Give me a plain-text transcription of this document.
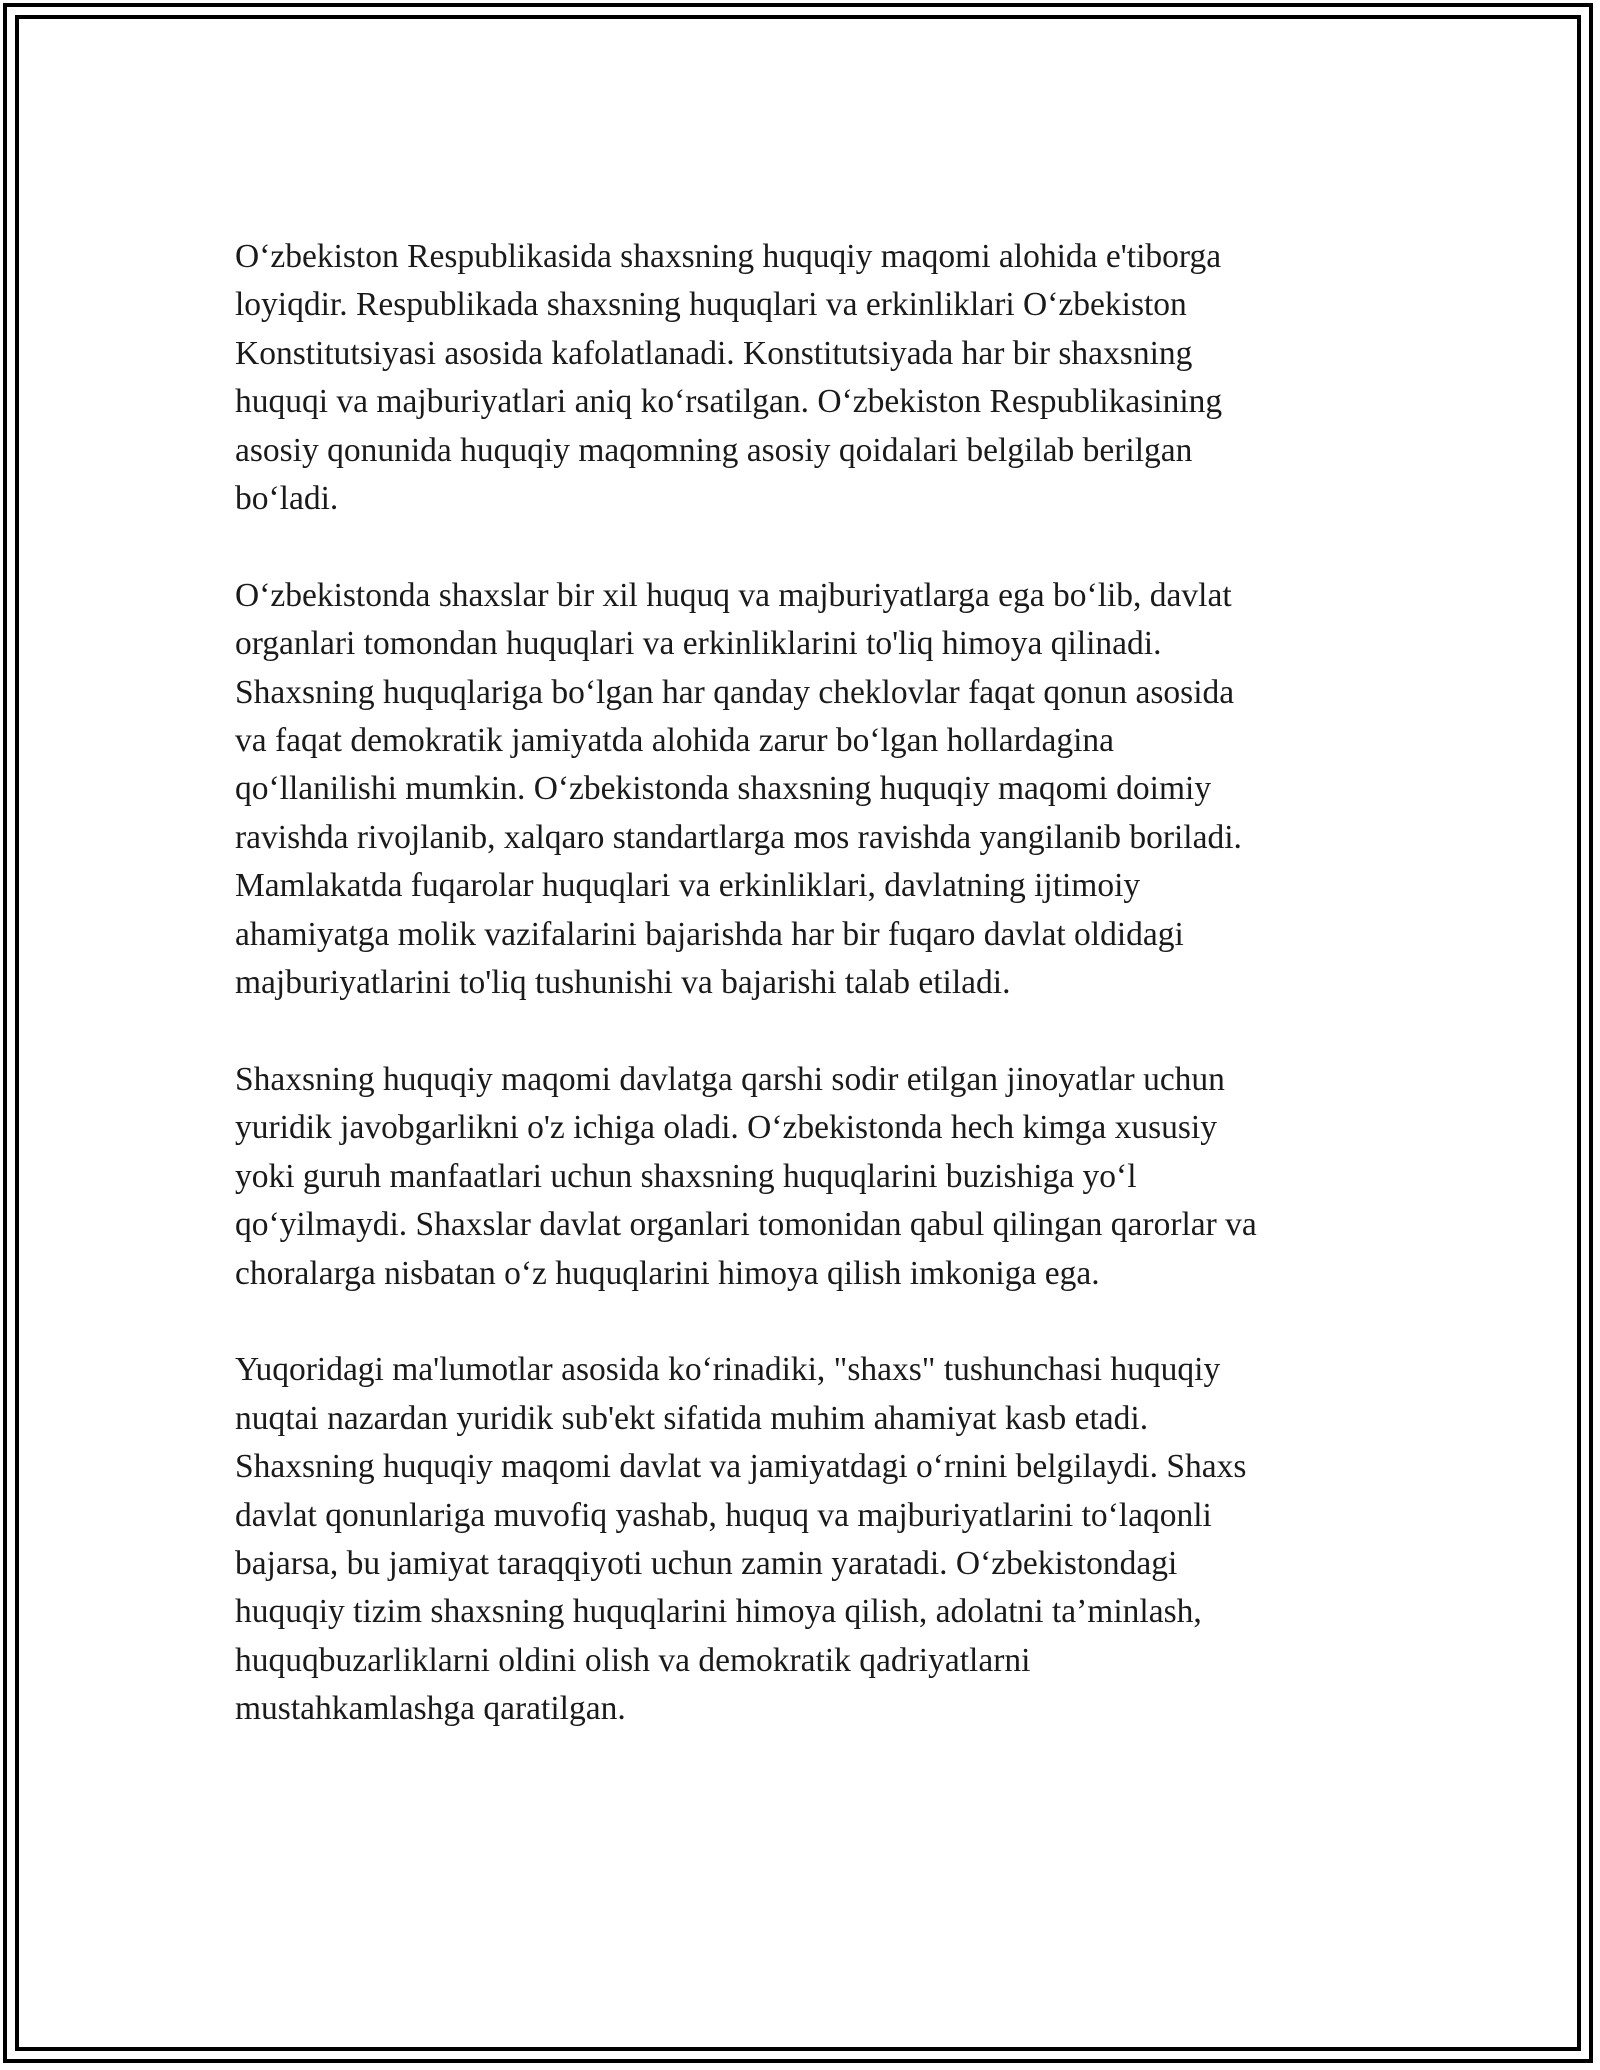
O‘zbekiston Respublikasida shaxsning huquqiy maqomi alohida e'tiborga
loyiqdir. Respublikada shaxsning huquqlari va erkinliklari O‘zbekiston
Konstitutsiyasi asosida kafolatlanadi. Konstitutsiyada har bir shaxsning
huquqi va majburiyatlari aniq ko‘rsatilgan. O‘zbekiston Respublikasining
asosiy qonunida huquqiy maqomning asosiy qoidalari belgilab berilgan
bo‘ladi.

O‘zbekistonda shaxslar bir xil huquq va majburiyatlarga ega bo‘lib, davlat
organlari tomondan huquqlari va erkinliklarini to'liq himoya qilinadi.
Shaxsning huquqlariga bo‘lgan har qanday cheklovlar faqat qonun asosida
va faqat demokratik jamiyatda alohida zarur bo‘lgan hollardagina
qo‘llanilishi mumkin. O‘zbekistonda shaxsning huquqiy maqomi doimiy
ravishda rivojlanib, xalqaro standartlarga mos ravishda yangilanib boriladi.
Mamlakatda fuqarolar huquqlari va erkinliklari, davlatning ijtimoiy
ahamiyatga molik vazifalarini bajarishda har bir fuqaro davlat oldidagi
majburiyatlarini to'liq tushunishi va bajarishi talab etiladi.

Shaxsning huquqiy maqomi davlatga qarshi sodir etilgan jinoyatlar uchun
yuridik javobgarlikni o'z ichiga oladi. O‘zbekistonda hech kimga xususiy
yoki guruh manfaatlari uchun shaxsning huquqlarini buzishiga yo‘l
qo‘yilmaydi. Shaxslar davlat organlari tomonidan qabul qilingan qarorlar va
choralarga nisbatan o‘z huquqlarini himoya qilish imkoniga ega.

Yuqoridagi ma'lumotlar asosida ko‘rinadiki, "shaxs" tushunchasi huquqiy
nuqtai nazardan yuridik sub'ekt sifatida muhim ahamiyat kasb etadi.
Shaxsning huquqiy maqomi davlat va jamiyatdagi o‘rnini belgilaydi. Shaxs
davlat qonunlariga muvofiq yashab, huquq va majburiyatlarini to‘laqonli
bajarsa, bu jamiyat taraqqiyoti uchun zamin yaratadi. O‘zbekistondagi
huquqiy tizim shaxsning huquqlarini himoya qilish, adolatni ta’minlash,
huquqbuzarliklarni oldini olish va demokratik qadriyatlarni
mustahkamlashga qaratilgan.
